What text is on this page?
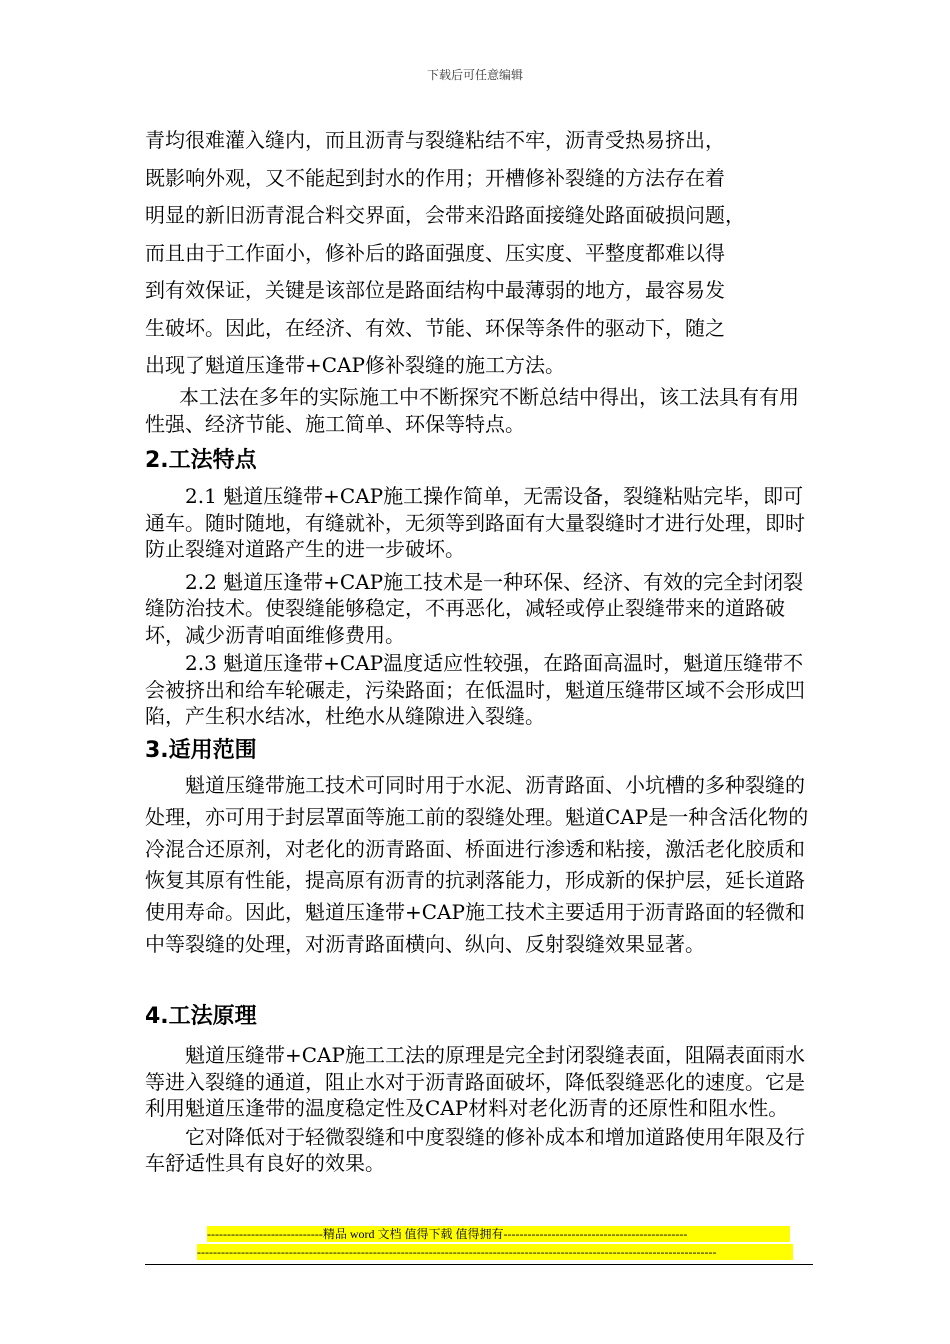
下载后可任意编辑

青均很难灌入缝内，而且沥青与裂缝粘结不牢，沥青受热易挤出，

既影响外观，又不能起到封水的作用；开槽修补裂缝的方法存在着

明显的新旧沥青混合料交界面，会带来沿路面接缝处路面破损问题，

而且由于工作面小，修补后的路面强度、压实度、平整度都难以得

到有效保证，关键是该部位是路面结构中最薄弱的地方，最容易发

生破坏。因此，在经济、有效、节能、环保等条件的驱动下，随之

出现了魁道压逢带+CAP修补裂缝的施工方法。

本工法在多年的实际施工中不断探究不断总结中得出，该工法具有有用性强、经济节能、施工简单、环保等特点。

2.工法特点

2.1 魁道压缝带+CAP施工操作简单，无需设备，裂缝粘贴完毕，即可通车。随时随地，有缝就补，无须等到路面有大量裂缝时才进行处理，即时防止裂缝对道路产生的进一步破坏。

2.2 魁道压逢带+CAP施工技术是一种环保、经济、有效的完全封闭裂缝防治技术。使裂缝能够稳定，不再恶化，减轻或停止裂缝带来的道路破坏，减少沥青咱面维修费用。

2.3 魁道压逢带+CAP温度适应性较强，在路面高温时，魁道压缝带不会被挤出和给车轮碾走，污染路面；在低温时，魁道压缝带区域不会形成凹陷，产生积水结冰，杜绝水从缝隙进入裂缝。

3.适用范围

魁道压缝带施工技术可同时用于水泥、沥青路面、小坑槽的多种裂缝的处理，亦可用于封层罩面等施工前的裂缝处理。魁道CAP是一种含活化物的冷混合还原剂，对老化的沥青路面、桥面进行渗透和粘接，激活老化胶质和恢复其原有性能，提高原有沥青的抗剥落能力，形成新的保护层，延长道路使用寿命。因此，魁道压逢带+CAP施工技术主要适用于沥青路面的轻微和中等裂缝的处理，对沥青路面横向、纵向、反射裂缝效果显著。

4.工法原理

魁道压缝带+CAP施工工法的原理是完全封闭裂缝表面，阻隔表面雨水等进入裂缝的通道，阻止水对于沥青路面破坏，降低裂缝恶化的速度。它是利用魁道压逢带的温度稳定性及CAP材料对老化沥青的还原性和阻水性。

它对降低对于轻微裂缝和中度裂缝的修补成本和增加道路使用年限及行车舒适性具有良好的效果。

-----------------------------精品 word 文档 值得下载 值得拥有----------------------------------------------
----------------------------------------------------------------------------------------------------------------------------------
